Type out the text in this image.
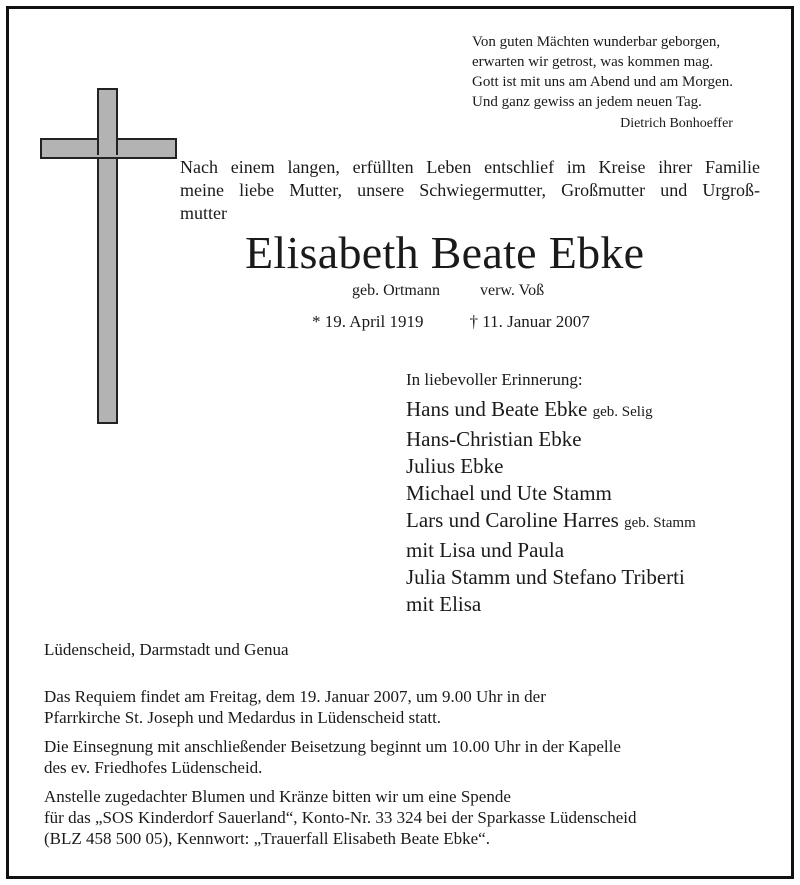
Von guten Mächten wunderbar geborgen,
erwarten wir getrost, was kommen mag.
Gott ist mit uns am Abend und am Morgen.
Und ganz gewiss an jedem neuen Tag.
Dietrich Bonhoeffer
Nach einem langen, erfüllten Leben entschlief im Kreise ihrer Familie
meine liebe Mutter, unsere Schwiegermutter, Großmutter und Urgroß-
mutter
Elisabeth Beate Ebke
geb. Ortmann	verw. Voß
* 19. April 1919	† 11. Januar 2007
In liebevoller Erinnerung:
Hans und Beate Ebke geb. Selig
Hans-Christian Ebke
Julius Ebke
Michael und Ute Stamm
Lars und Caroline Harres geb. Stamm
mit Lisa und Paula
Julia Stamm und Stefano Triberti
mit Elisa
Lüdenscheid, Darmstadt und Genua
Das Requiem findet am Freitag, dem 19. Januar 2007, um 9.00 Uhr in der
Pfarrkirche St. Joseph und Medardus in Lüdenscheid statt.
Die Einsegnung mit anschließender Beisetzung beginnt um 10.00 Uhr in der Kapelle
des ev. Friedhofes Lüdenscheid.
Anstelle zugedachter Blumen und Kränze bitten wir um eine Spende
für das „SOS Kinderdorf Sauerland“, Konto-Nr. 33 324 bei der Sparkasse Lüdenscheid
(BLZ 458 500 05), Kennwort: „Trauerfall Elisabeth Beate Ebke“.
